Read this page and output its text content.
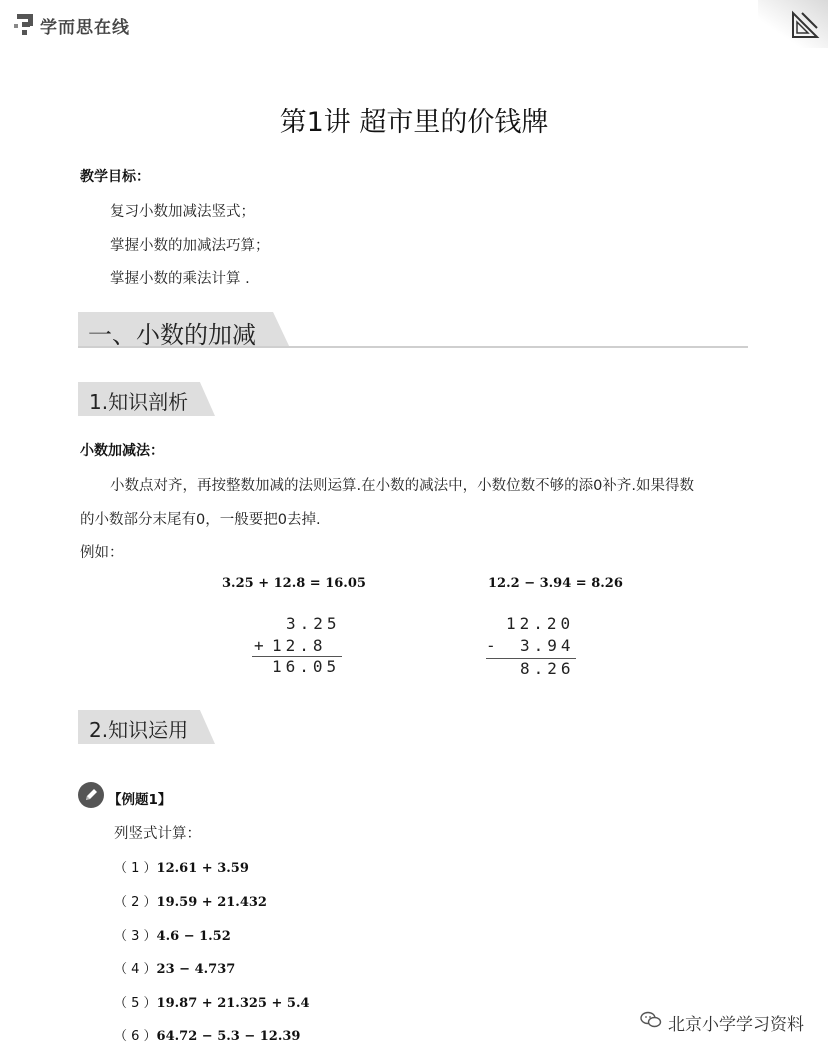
学而思在线
第1讲 超市里的价钱牌
教学目标：
复习小数加减法竖式；
掌握小数的加减法巧算；
掌握小数的乘法计算 .
一、小数的加减
1.知识剖析
小数加减法：
小数点对齐，再按整数加减的法则运算.在小数的减法中，小数位数不够的添0补齐.如果得数
的小数部分末尾有0，一般要把0去掉.
例如：
3.25 + 12.8 = 16.05	12.2 − 3.94 = 8.26
3.25
+ 12.8
16.05
12.20
- 3.94
8.26
2.知识运用
【例题1】
列竖式计算：
（ 1 ）12.61 + 3.59
（ 2 ）19.59 + 21.432
（ 3 ）4.6 − 1.52
（ 4 ）23 − 4.737
（ 5 ）19.87 + 21.325 + 5.4
（ 6 ）64.72 − 5.3 − 12.39
北京小学学习资料
